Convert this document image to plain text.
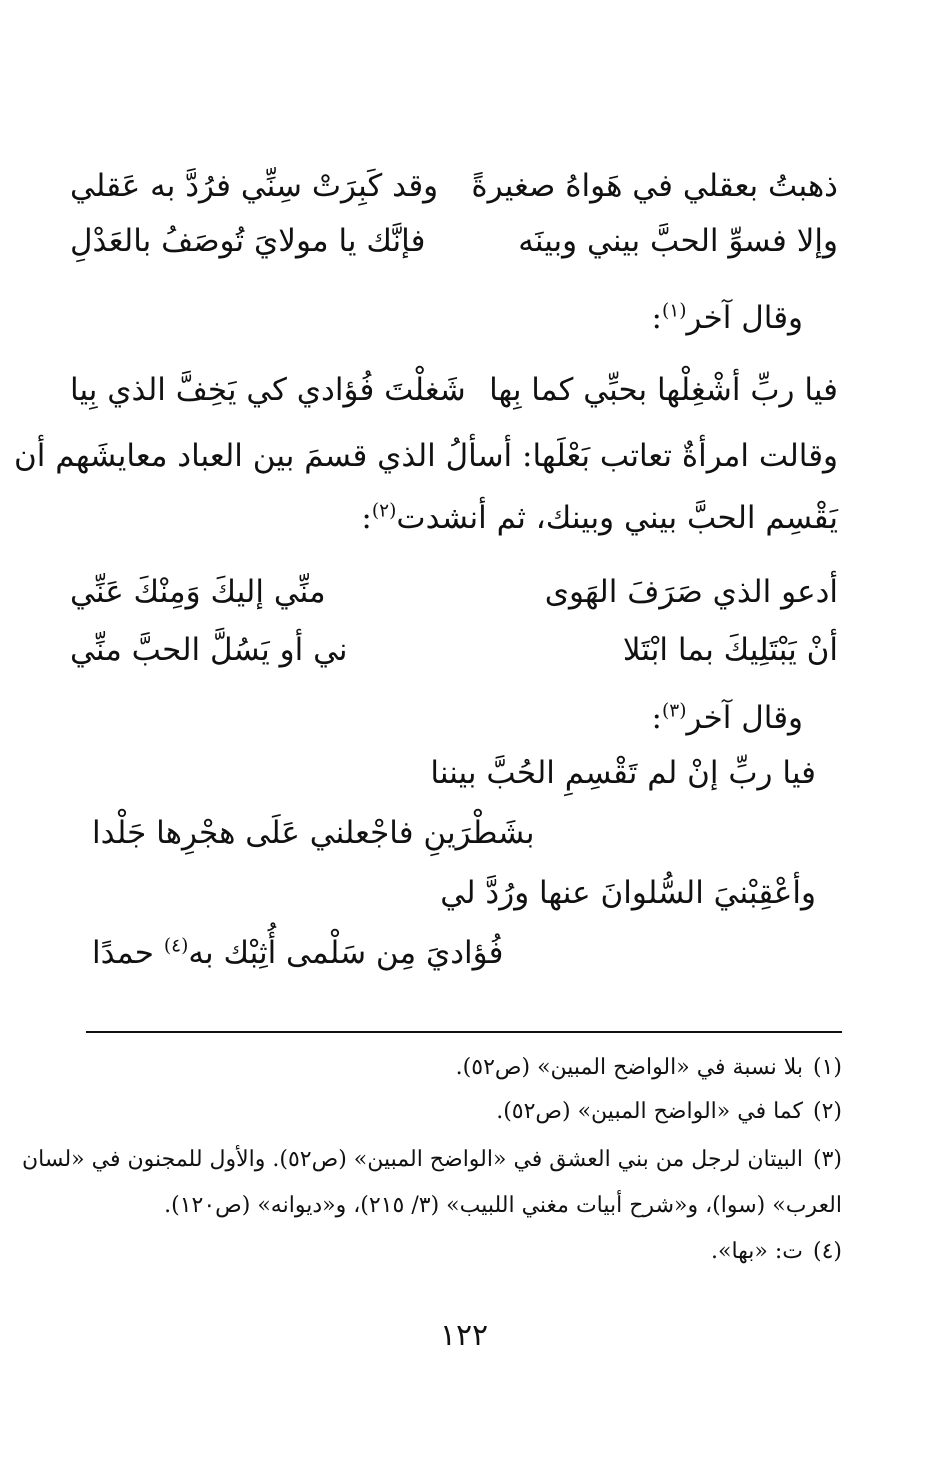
ذهبتُ بعقلي في هَواهُ صغيرةً
وقد كَبِرَتْ سِنِّي فرُدَّ به عَقلي
وإلا فسوِّ الحبَّ بيني وبينَه
فإنَّك يا مولايَ تُوصَفُ بالعَدْلِ
وقال آخر$^{(١)}$:
فيا ربِّ أشْغِلْها بحبِّي كما بِها
شَغلْتَ فُؤادي كي يَخِفَّ الذي بِيا
وقالت امرأةٌ تعاتب بَعْلَها: أسألُ الذي قسمَ بين العباد معايشَهم أن
يَقْسِم الحبَّ بيني وبينك، ثم أنشدت$^{(٢)}$:
أدعو الذي صَرَفَ الهَوى
منِّي إليكَ وَمِنْكَ عَنِّي
أنْ يَبْتَلِيكَ بما ابْتَلا
ني أو يَسُلَّ الحبَّ منِّي
وقال آخر$^{(٣)}$:
فيا ربِّ إنْ لم تَقْسِمِ الحُبَّ بيننا
بشَطْرَينِ فاجْعلني عَلَى هجْرِها جَلْدا
وأعْقِبْنيَ السُّلوانَ عنها ورُدَّ لي
فُؤاديَ مِن سَلْمى أُثِبْك به$^{(٤)}$ حمدًا
(١)بلا نسبة في «الواضح المبين» (ص٥٢).
(٢)كما في «الواضح المبين» (ص٥٢).
(٣)البيتان لرجل من بني العشق في «الواضح المبين» (ص٥٢). والأول للمجنون في «لسان
العرب» (سوا)، و«شرح أبيات مغني اللبيب» (٣/ ٢١٥)، و«ديوانه» (ص١٢٠).
(٤)ت: «بها».
١٢٢
